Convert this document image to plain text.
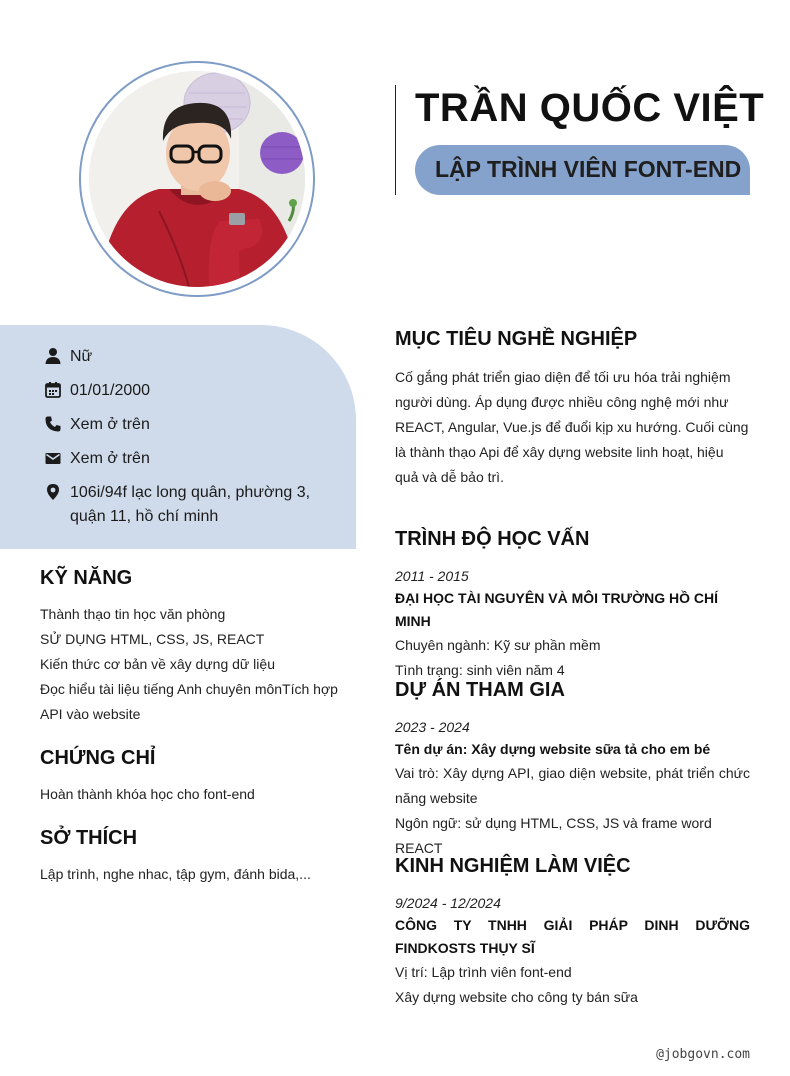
TRẦN QUỐC VIỆT
LẬP TRÌNH VIÊN FONT-END
Nữ
01/01/2000
Xem ở trên
Xem ở trên
106i/94f lạc long quân, phường 3, quận 11, hồ chí minh
KỸ NĂNG
Thành thạo tin học văn phòng
SỬ DỤNG HTML, CSS, JS, REACT
Kiến thức cơ bản về xây dựng dữ liệu
Đọc hiểu tài liệu tiếng Anh chuyên mônTích hợp API vào website
CHỨNG CHỈ
Hoàn thành khóa học cho font-end
SỞ THÍCH
Lập trình, nghe nhac, tập gym, đánh bida,...
MỤC TIÊU NGHỀ NGHIỆP

Cố gắng phát triển giao diện để tối ưu hóa trải nghiệm người dùng. Áp dụng được nhiều công nghệ mới như REACT, Angular, Vue.js để đuổi kịp xu hướng. Cuối cùng là thành thạo Api để xây dựng website linh hoạt, hiệu quả và dễ bảo trì.

TRÌNH ĐỘ HỌC VẤN
2011 - 2015
ĐẠI HỌC TÀI NGUYÊN VÀ MÔI TRƯỜNG HỒ CHÍ MINH
Chuyên ngành: Kỹ sư phần mềm
Tình trạng: sinh viên năm 4
DỰ ÁN THAM GIA
2023 - 2024
Tên dự án: Xây dựng website sữa tả cho em bé
Vai trò: Xây dựng API, giao diện website, phát triển chức năng website
Ngôn ngữ: sử dụng HTML, CSS, JS và frame word REACT
KINH NGHIỆM LÀM VIỆC
9/2024 - 12/2024
CÔNG TY TNHH GIẢI PHÁP DINH DƯỠNG FINDKOSTS THỤY SĨ
Vị trí: Lập trình viên font-end
Xây dựng website cho công ty bán sữa
@jobgovn.com
